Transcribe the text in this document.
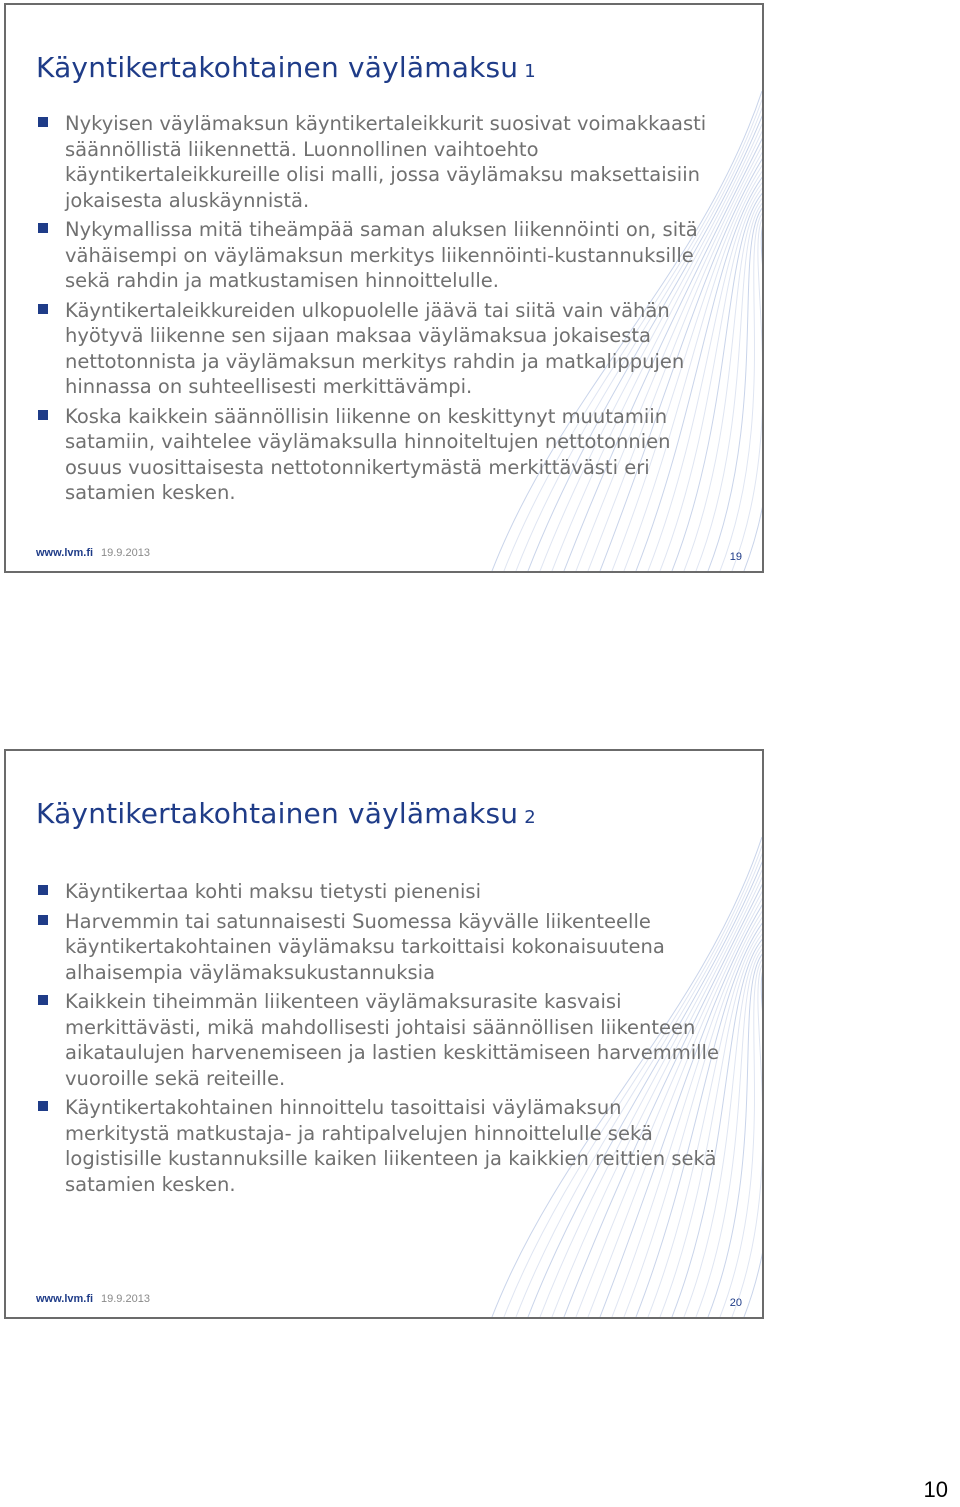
Käyntikertakohtainen väylämaksu 1
Nykyisen väylämaksun käyntikertaleikkurit suosivat voimakkaasti säännöllistä liikennettä. Luonnollinen vaihtoehto käyntikertaleikkureille olisi malli, jossa väylämaksu maksettaisiin jokaisesta aluskäynnistä.
Nykymallissa mitä tiheämpää saman aluksen liikennöinti on, sitä vähäisempi on väylämaksun merkitys liikennöinti-kustannuksille sekä rahdin ja matkustamisen hinnoittelulle.
Käyntikertaleikkureiden ulkopuolelle jäävä tai siitä vain vähän hyötyvä liikenne sen sijaan maksaa väylämaksua jokaisesta nettotonnista ja väylämaksun merkitys rahdin ja matkalippujen hinnassa on suhteellisesti merkittävämpi.
Koska kaikkein säännöllisin liikenne on keskittynyt muutamiin satamiin, vaihtelee väylämaksulla hinnoiteltujen nettotonnien osuus vuosittaisesta nettotonnikertymästä merkittävästi eri satamien kesken.
www.lvm.fi 19.9.2013	19
Käyntikertakohtainen väylämaksu 2
Käyntikertaa kohti maksu tietysti pienenisi
Harvemmin tai satunnaisesti Suomessa käyvälle liikenteelle käyntikertakohtainen väylämaksu tarkoittaisi kokonaisuutena alhaisempia väylämaksukustannuksia
Kaikkein tiheimmän liikenteen väylämaksurasite kasvaisi merkittävästi, mikä mahdollisesti johtaisi säännöllisen liikenteen aikataulujen harvenemiseen ja lastien keskittämiseen harvemmille vuoroille sekä reiteille.
Käyntikertakohtainen hinnoittelu tasoittaisi väylämaksun merkitystä matkustaja- ja rahtipalvelujen hinnoittelulle sekä logistisille kustannuksille kaiken liikenteen ja kaikkien reittien sekä satamien kesken.
www.lvm.fi 19.9.2013	20
10
